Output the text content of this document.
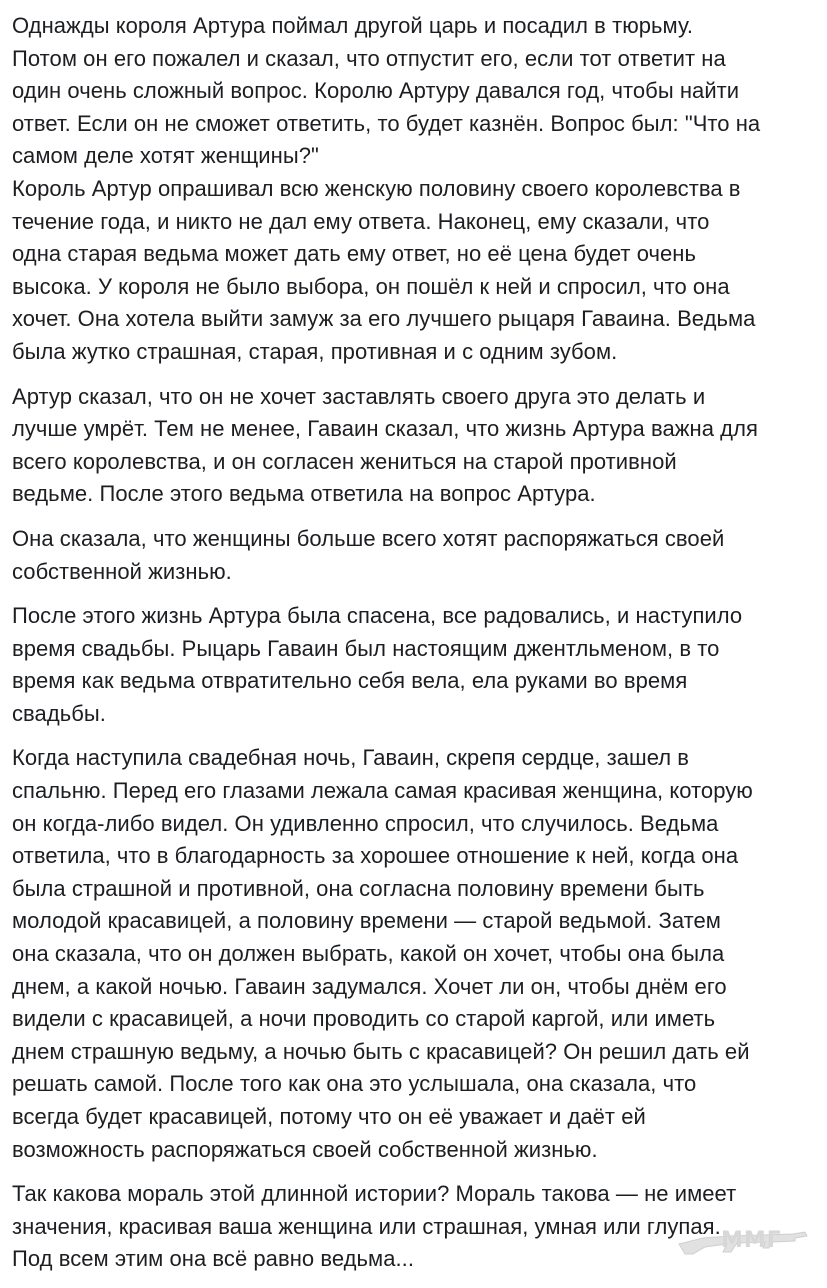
Однажды короля Артура поймал другой царь и посадил в тюрьму.
Потом он его пожалел и сказал, что отпустит его, если тот ответит на
один очень сложный вопрос. Королю Артуру давался год, чтобы найти
ответ. Если он не сможет ответить, то будет казнён. Вопрос был: "Что на
самом деле хотят женщины?"
Король Артур опрашивал всю женскую половину своего королевства в
течение года, и никто не дал ему ответа. Наконец, ему сказали, что
одна старая ведьма может дать ему ответ, но её цена будет очень
высока. У короля не было выбора, он пошёл к ней и спросил, что она
хочет. Она хотела выйти замуж за его лучшего рыцаря Гаваина. Ведьма
была жутко страшная, старая, противная и с одним зубом.

Артур сказал, что он не хочет заставлять своего друга это делать и
лучше умрёт. Тем не менее, Гаваин сказал, что жизнь Артура важна для
всего королевства, и он согласен жениться на старой противной
ведьме. После этого ведьма ответила на вопрос Артура.

Она сказала, что женщины больше всего хотят распоряжаться своей
собственной жизнью.

После этого жизнь Артура была спасена, все радовались, и наступило
время свадьбы. Рыцарь Гаваин был настоящим джентльменом, в то
время как ведьма отвратительно себя вела, ела руками во время
свадьбы.

Когда наступила свадебная ночь, Гаваин, скрепя сердце, зашел в
спальню. Перед его глазами лежала самая красивая женщина, которую
он когда-либо видел. Он удивленно спросил, что случилось. Ведьма
ответила, что в благодарность за хорошее отношение к ней, когда она
была страшной и противной, она согласна половину времени быть
молодой красавицей, а половину времени — старой ведьмой. Затем
она сказала, что он должен выбрать, какой он хочет, чтобы она была
днем, а какой ночью. Гаваин задумался. Хочет ли он, чтобы днём его
видели с красавицей, а ночи проводить со старой каргой, или иметь
днем страшную ведьму, а ночью быть с красавицей? Он решил дать ей
решать самой. После того как она это услышала, она сказала, что
всегда будет красавицей, потому что он её уважает и даёт ей
возможность распоряжаться своей собственной жизнью.

Так какова мораль этой длинной истории? Мораль такова — не имеет
значения, красивая ваша женщина или страшная, умная или глупая.
Под всем этим она всё равно ведьма...

ММГ
